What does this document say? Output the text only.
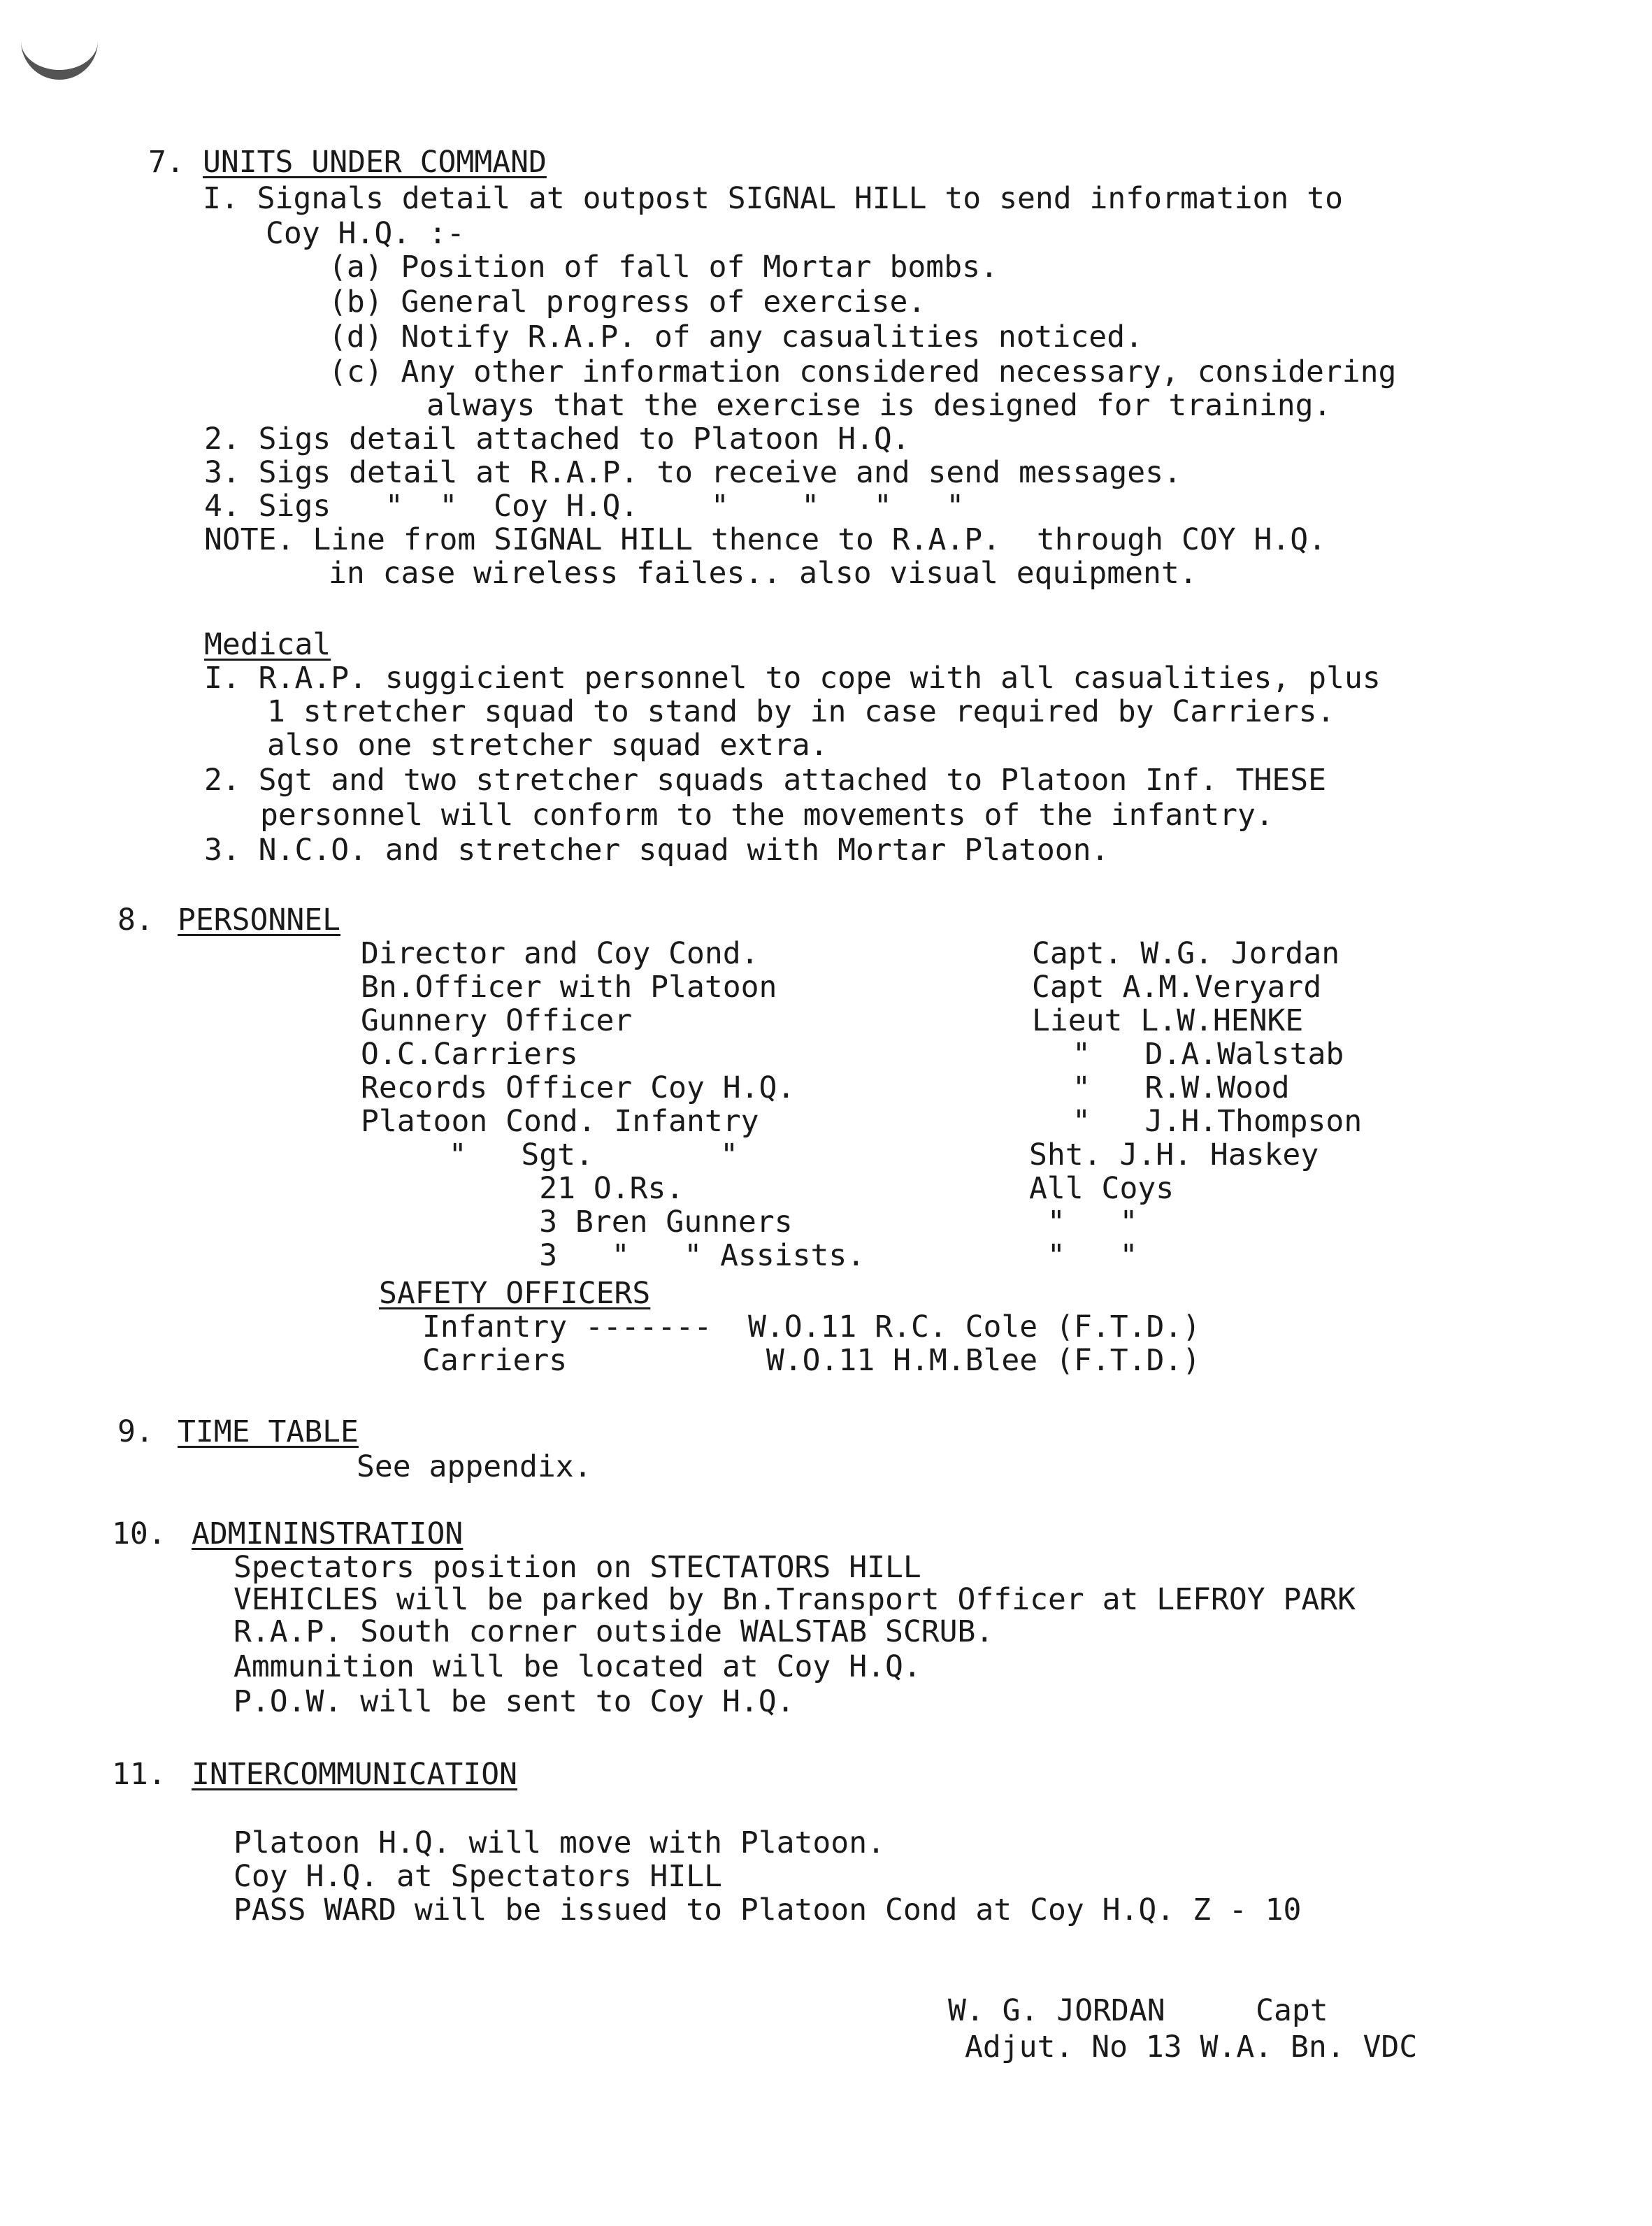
7. UNITS UNDER COMMAND
I. Signals detail at outpost SIGNAL HILL to send information to
Coy H.Q. :-
(a) Position of fall of Mortar bombs.
(b) General progress of exercise.
(d) Notify R.A.P. of any casualities noticed.
(c) Any other information considered necessary, considering
always that the exercise is designed for training.
2. Sigs detail attached to Platoon H.Q.
3. Sigs detail at R.A.P. to receive and send messages.
4. Sigs   "  "  Coy H.Q.    "    "   "   "
NOTE. Line from SIGNAL HILL thence to R.A.P.  through COY H.Q.
in case wireless failes.. also visual equipment.
Medical
I. R.A.P. suggicient personnel to cope with all casualities, plus
1 stretcher squad to stand by in case required by Carriers.
also one stretcher squad extra.
2. Sgt and two stretcher squads attached to Platoon Inf. THESE
personnel will conform to the movements of the infantry.
3. N.C.O. and stretcher squad with Mortar Platoon.
8. PERSONNEL
Director and Coy Cond.	Capt. W.G. Jordan
Bn.Officer with Platoon	Capt A.M.Veryard
Gunnery Officer	Lieut L.W.HENKE
O.C.Carriers	"   D.A.Walstab
Records Officer Coy H.Q.	"   R.W.Wood
Platoon Cond. Infantry	"   J.H.Thompson
"   Sgt.       "	Sht. J.H. Haskey
21 O.Rs.	All Coys
3 Bren Gunners	"   "
3   "   " Assists.	"   "
SAFETY OFFICERS
Infantry -------  W.O.11 R.C. Cole (F.T.D.)
Carriers           W.O.11 H.M.Blee (F.T.D.)
9. TIME TABLE
See appendix.
10. ADMININSTRATION
Spectators position on STECTATORS HILL
VEHICLES will be parked by Bn.Transport Officer at LEFROY PARK
R.A.P. South corner outside WALSTAB SCRUB.
Ammunition will be located at Coy H.Q.
P.O.W. will be sent to Coy H.Q.
11. INTERCOMMUNICATION
Platoon H.Q. will move with Platoon.
Coy H.Q. at Spectators HILL
PASS WARD will be issued to Platoon Cond at Coy H.Q. Z - 10
W. G. JORDAN     Capt
Adjut. No 13 W.A. Bn. VDC
